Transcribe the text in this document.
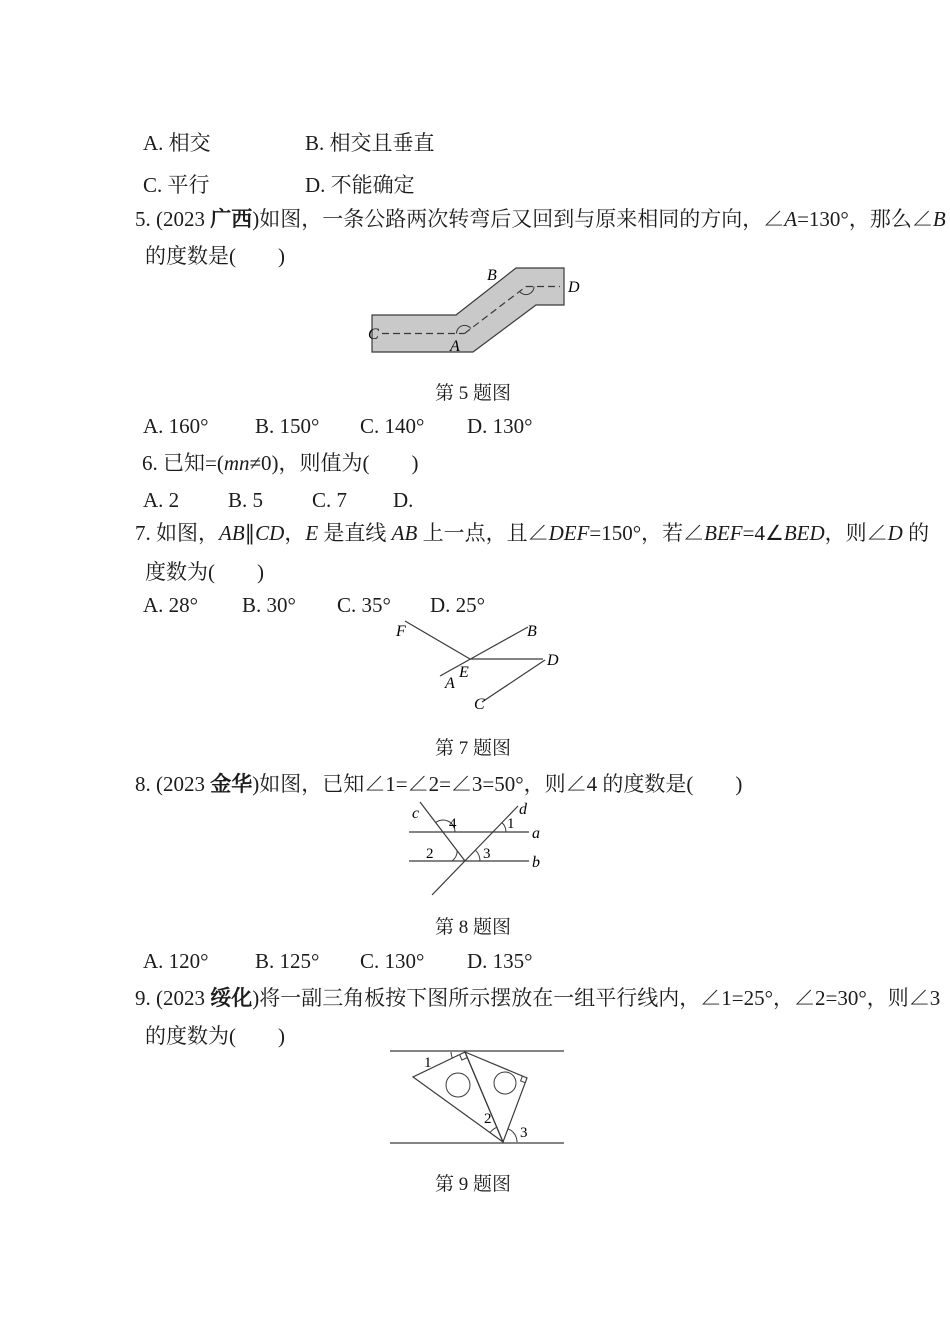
A. 相交	B. 相交且垂直
C. 平行	D. 不能确定
5. (2023 广西)如图，一条公路两次转弯后又回到与原来相同的方向，∠A=130°，那么∠B
的度数是(　　)
C
A
B
D
第 5 题图
A. 160° B. 150° C. 140° D. 130°
6. 已知=(mn≠0)，则值为(　　)
A. 2 B. 5 C. 7 D.
7. 如图，AB∥CD，E 是直线 AB 上一点，且∠DEF=150°，若∠BEF=4∠BED，则∠D 的
度数为(　　)
A. 28° B. 30° C. 35° D. 25°
F	B
A
E
D
C
第 7 题图
8. (2023 金华)如图，已知∠1=∠2=∠3=50°，则∠4 的度数是(　　)
c	d
a
b
4	1
2	3
第 8 题图
A. 120° B. 125° C. 130° D. 135°
9. (2023 绥化)将一副三角板按下图所示摆放在一组平行线内，∠1=25°，∠2=30°，则∠3
的度数为(　　)
1
2
3
第 9 题图
